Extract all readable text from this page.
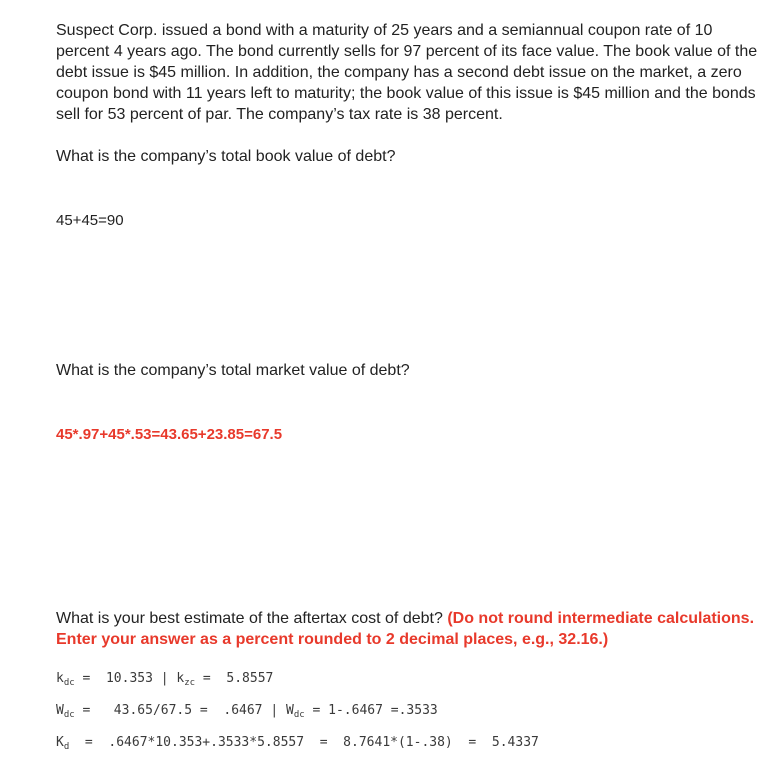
Suspect Corp. issued a bond with a maturity of 25 years and a semiannual coupon rate of 10 percent 4 years ago. The bond currently sells for 97 percent of its face value. The book value of the debt issue is $45 million. In addition, the company has a second debt issue on the market, a zero coupon bond with 11 years left to maturity; the book value of this issue is $45 million and the bonds sell for 53 percent of par. The company’s tax rate is 38 percent.

What is the company’s total book value of debt?
45+45=90
What is the company’s total market value of debt?
45*.97+45*.53=43.65+23.85=67.5
What is your best estimate of the aftertax cost of debt? (Do not round intermediate calculations. Enter your answer as a percent rounded to 2 decimal places, e.g., 32.16.)
$k_{dc} = 10.353$ | $k_{zc} = 5.8557$
$W_{dc} = 43.65/67.5 = .6467$ | $W_{dc} = 1-.6467 =.3533$
$K_d = .6467*10.353+.3533*5.8557 = 8.7641*(1-.38) = 5.4337$
